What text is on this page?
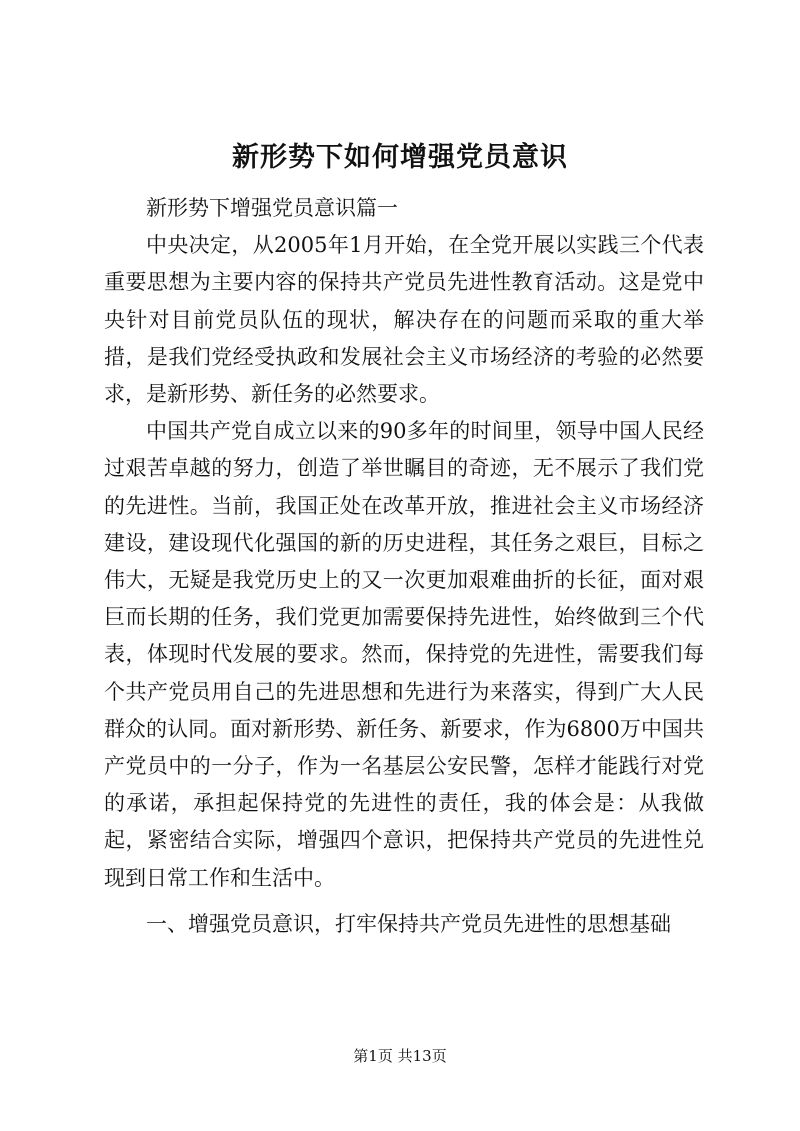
新形势下如何增强党员意识

新形势下增强党员意识篇一

中央决定，从2005年1月开始，在全党开展以实践三个代表重要思想为主要内容的保持共产党员先进性教育活动。这是党中央针对目前党员队伍的现状，解决存在的问题而采取的重大举措，是我们党经受执政和发展社会主义市场经济的考验的必然要求，是新形势、新任务的必然要求。

中国共产党自成立以来的90多年的时间里，领导中国人民经过艰苦卓越的努力，创造了举世瞩目的奇迹，无不展示了我们党的先进性。当前，我国正处在改革开放，推进社会主义市场经济建设，建设现代化强国的新的历史进程，其任务之艰巨，目标之伟大，无疑是我党历史上的又一次更加艰难曲折的长征，面对艰巨而长期的任务，我们党更加需要保持先进性，始终做到三个代表，体现时代发展的要求。然而，保持党的先进性，需要我们每个共产党员用自己的先进思想和先进行为来落实，得到广大人民群众的认同。面对新形势、新任务、新要求，作为6800万中国共产党员中的一分子，作为一名基层公安民警，怎样才能践行对党的承诺，承担起保持党的先进性的责任，我的体会是：从我做起，紧密结合实际，增强四个意识，把保持共产党员的先进性兑现到日常工作和生活中。

一、增强党员意识，打牢保持共产党员先进性的思想基础

第1页 共13页
